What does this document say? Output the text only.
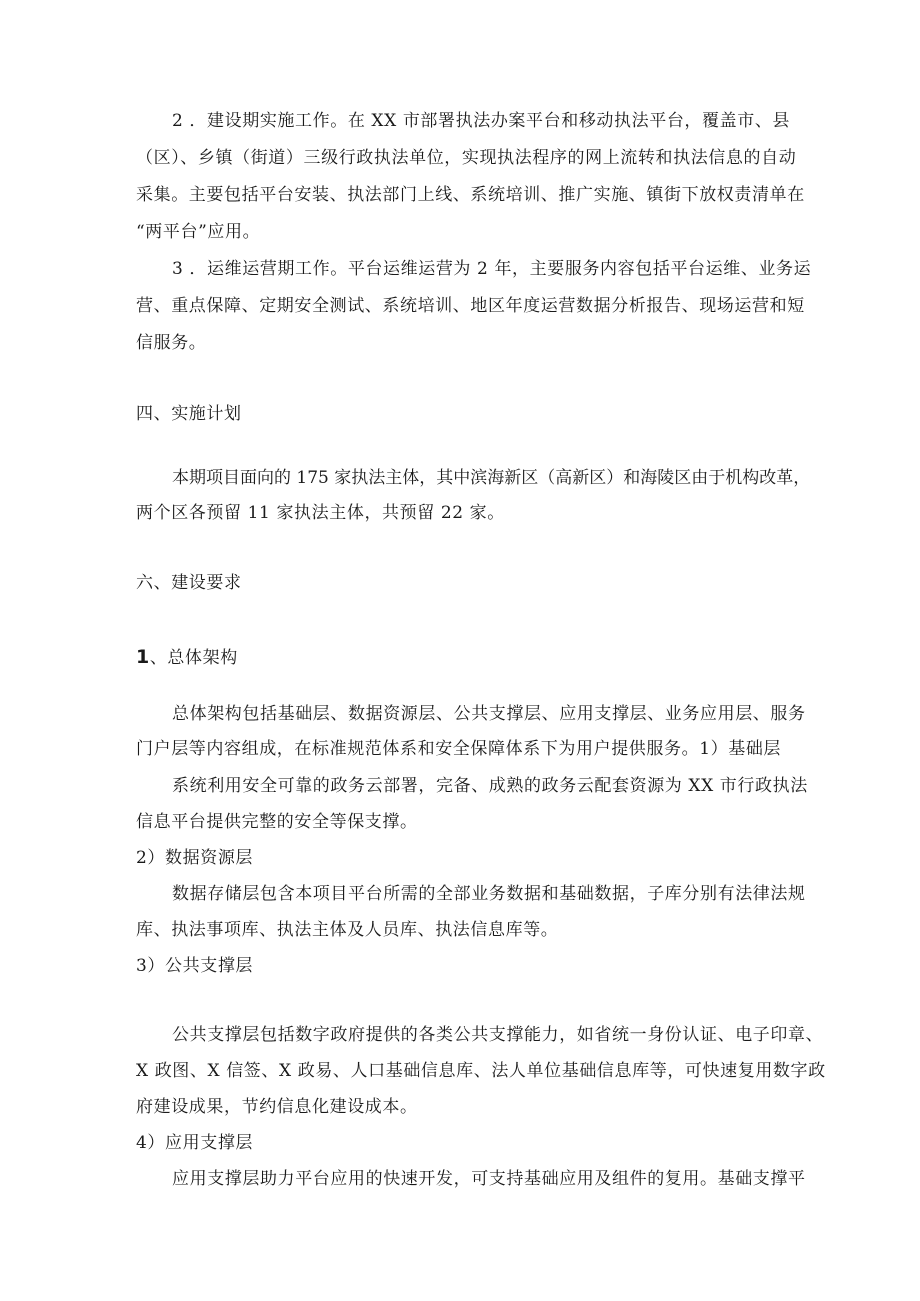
2 ．建设期实施工作。在 XX 市部署执法办案平台和移动执法平台，覆盖市、县
（区）、乡镇（街道）三级行政执法单位，实现执法程序的网上流转和执法信息的自动
采集。主要包括平台安装、执法部门上线、系统培训、推广实施、镇街下放权责清单在
“两平台”应用。
3 ．运维运营期工作。平台运维运营为 2 年，主要服务内容包括平台运维、业务运
营、重点保障、定期安全测试、系统培训、地区年度运营数据分析报告、现场运营和短
信服务。
四、实施计划
本期项目面向的 175 家执法主体，其中滨海新区（高新区）和海陵区由于机构改革，
两个区各预留 11 家执法主体，共预留 22 家。
六、建设要求
1、总体架构
总体架构包括基础层、数据资源层、公共支撑层、应用支撑层、业务应用层、服务
门户层等内容组成，在标准规范体系和安全保障体系下为用户提供服务。1）基础层
系统利用安全可靠的政务云部署，完备、成熟的政务云配套资源为 XX 市行政执法
信息平台提供完整的安全等保支撑。
2）数据资源层
数据存储层包含本项目平台所需的全部业务数据和基础数据，子库分别有法律法规
库、执法事项库、执法主体及人员库、执法信息库等。
3）公共支撑层
公共支撑层包括数字政府提供的各类公共支撑能力，如省统一身份认证、电子印章、
X 政图、X 信签、X 政易、人口基础信息库、法人单位基础信息库等，可快速复用数字政
府建设成果，节约信息化建设成本。
4）应用支撑层
应用支撑层助力平台应用的快速开发，可支持基础应用及组件的复用。基础支撑平
